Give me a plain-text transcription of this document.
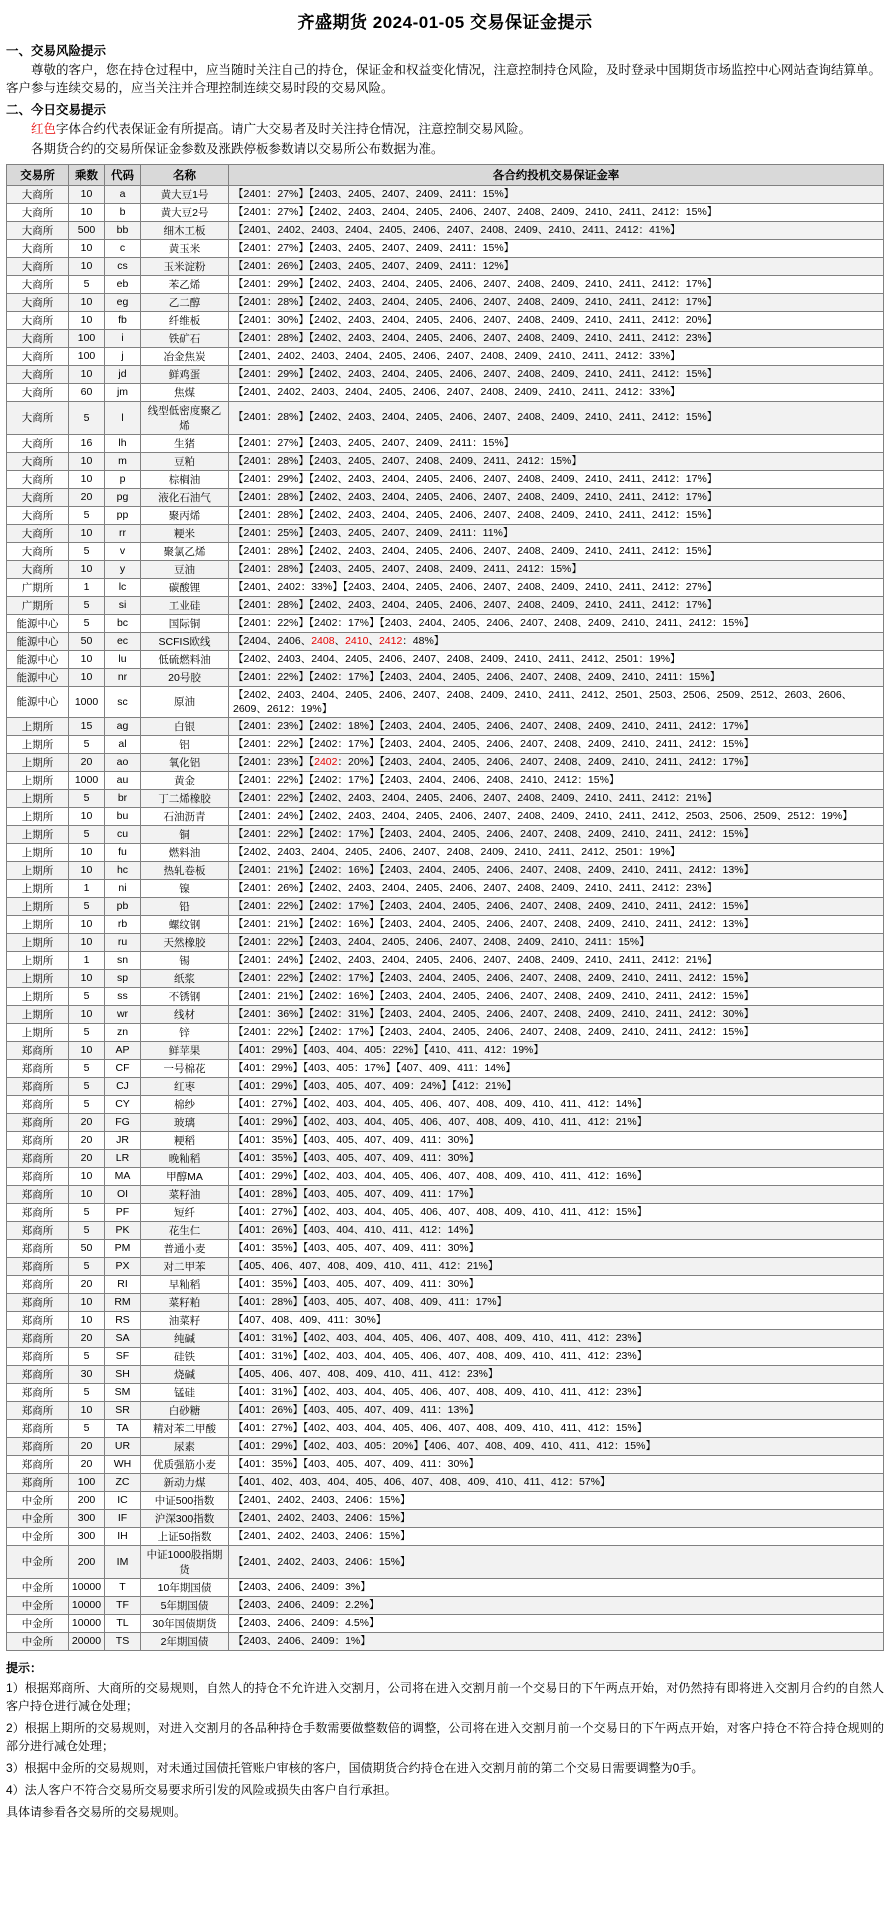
齐盛期货 2024-01-05 交易保证金提示
一、交易风险提示
尊敬的客户，您在持仓过程中，应当随时关注自己的持仓，保证金和权益变化情况，注意控制持仓风险，及时登录中国期货市场监控中心网站查询结算单。客户参与连续交易的，应当关注并合理控制连续交易时段的交易风险。
二、今日交易提示
红色字体合约代表保证金有所提高。请广大交易者及时关注持仓情况，注意控制交易风险。
各期货合约的交易所保证金参数及涨跌停板参数请以交易所公布数据为准。
交易所	乘数	代码	名称	各合约投机交易保证金率
大商所	10	a	黄大豆1号	【2401：27%】【2403、2405、2407、2409、2411：15%】
大商所	10	b	黄大豆2号	【2401：27%】【2402、2403、2404、2405、2406、2407、2408、2409、2410、2411、2412：15%】
大商所	500	bb	细木工板	【2401、2402、2403、2404、2405、2406、2407、2408、2409、2410、2411、2412：41%】
大商所	10	c	黄玉米	【2401：27%】【2403、2405、2407、2409、2411：15%】
大商所	10	cs	玉米淀粉	【2401：26%】【2403、2405、2407、2409、2411：12%】
大商所	5	eb	苯乙烯	【2401：29%】【2402、2403、2404、2405、2406、2407、2408、2409、2410、2411、2412：17%】
大商所	10	eg	乙二醇	【2401：28%】【2402、2403、2404、2405、2406、2407、2408、2409、2410、2411、2412：17%】
大商所	10	fb	纤维板	【2401：30%】【2402、2403、2404、2405、2406、2407、2408、2409、2410、2411、2412：20%】
大商所	100	i	铁矿石	【2401：28%】【2402、2403、2404、2405、2406、2407、2408、2409、2410、2411、2412：23%】
大商所	100	j	冶金焦炭	【2401、2402、2403、2404、2405、2406、2407、2408、2409、2410、2411、2412：33%】
大商所	10	jd	鲜鸡蛋	【2401：29%】【2402、2403、2404、2405、2406、2407、2408、2409、2410、2411、2412：15%】
大商所	60	jm	焦煤	【2401、2402、2403、2404、2405、2406、2407、2408、2409、2410、2411、2412：33%】
大商所	5	l	线型低密度聚乙烯	【2401：28%】【2402、2403、2404、2405、2406、2407、2408、2409、2410、2411、2412：15%】
大商所	16	lh	生猪	【2401：27%】【2403、2405、2407、2409、2411：15%】
大商所	10	m	豆粕	【2401：28%】【2403、2405、2407、2408、2409、2411、2412：15%】
大商所	10	p	棕榈油	【2401：29%】【2402、2403、2404、2405、2406、2407、2408、2409、2410、2411、2412：17%】
大商所	20	pg	液化石油气	【2401：28%】【2402、2403、2404、2405、2406、2407、2408、2409、2410、2411、2412：17%】
大商所	5	pp	聚丙烯	【2401：28%】【2402、2403、2404、2405、2406、2407、2408、2409、2410、2411、2412：15%】
大商所	10	rr	粳米	【2401：25%】【2403、2405、2407、2409、2411：11%】
大商所	5	v	聚氯乙烯	【2401：28%】【2402、2403、2404、2405、2406、2407、2408、2409、2410、2411、2412：15%】
大商所	10	y	豆油	【2401：28%】【2403、2405、2407、2408、2409、2411、2412：15%】
广期所	1	lc	碳酸锂	【2401、2402：33%】【2403、2404、2405、2406、2407、2408、2409、2410、2411、2412：27%】
广期所	5	si	工业硅	【2401：28%】【2402、2403、2404、2405、2406、2407、2408、2409、2410、2411、2412：17%】
能源中心	5	bc	国际铜	【2401：22%】【2402：17%】【2403、2404、2405、2406、2407、2408、2409、2410、2411、2412：15%】
能源中心	50	ec	SCFIS欧线	【2404、2406、2408、2410、2412：48%】
能源中心	10	lu	低硫燃料油	【2402、2403、2404、2405、2406、2407、2408、2409、2410、2411、2412、2501：19%】
能源中心	10	nr	20号胶	【2401：22%】【2402：17%】【2403、2404、2405、2406、2407、2408、2409、2410、2411：15%】
能源中心	1000	sc	原油	【2402、2403、2404、2405、2406、2407、2408、2409、2410、2411、2412、2501、2503、2506、2509、2512、2603、2606、2609、2612：19%】
上期所	15	ag	白银	【2401：23%】【2402：18%】【2403、2404、2405、2406、2407、2408、2409、2410、2411、2412：17%】
上期所	5	al	铝	【2401：22%】【2402：17%】【2403、2404、2405、2406、2407、2408、2409、2410、2411、2412：15%】
上期所	20	ao	氧化铝	【2401：23%】【2402：20%】【2403、2404、2405、2406、2407、2408、2409、2410、2411、2412：17%】
上期所	1000	au	黄金	【2401：22%】【2402：17%】【2403、2404、2406、2408、2410、2412：15%】
上期所	5	br	丁二烯橡胶	【2401：22%】【2402、2403、2404、2405、2406、2407、2408、2409、2410、2411、2412：21%】
上期所	10	bu	石油沥青	【2401：24%】【2402、2403、2404、2405、2406、2407、2408、2409、2410、2411、2412、2503、2506、2509、2512：19%】
上期所	5	cu	铜	【2401：22%】【2402：17%】【2403、2404、2405、2406、2407、2408、2409、2410、2411、2412：15%】
上期所	10	fu	燃料油	【2402、2403、2404、2405、2406、2407、2408、2409、2410、2411、2412、2501：19%】
上期所	10	hc	热轧卷板	【2401：21%】【2402：16%】【2403、2404、2405、2406、2407、2408、2409、2410、2411、2412：13%】
上期所	1	ni	镍	【2401：26%】【2402、2403、2404、2405、2406、2407、2408、2409、2410、2411、2412：23%】
上期所	5	pb	铅	【2401：22%】【2402：17%】【2403、2404、2405、2406、2407、2408、2409、2410、2411、2412：15%】
上期所	10	rb	螺纹钢	【2401：21%】【2402：16%】【2403、2404、2405、2406、2407、2408、2409、2410、2411、2412：13%】
上期所	10	ru	天然橡胶	【2401：22%】【2403、2404、2405、2406、2407、2408、2409、2410、2411：15%】
上期所	1	sn	锡	【2401：24%】【2402、2403、2404、2405、2406、2407、2408、2409、2410、2411、2412：21%】
上期所	10	sp	纸浆	【2401：22%】【2402：17%】【2403、2404、2405、2406、2407、2408、2409、2410、2411、2412：15%】
上期所	5	ss	不锈钢	【2401：21%】【2402：16%】【2403、2404、2405、2406、2407、2408、2409、2410、2411、2412：15%】
上期所	10	wr	线材	【2401：36%】【2402：31%】【2403、2404、2405、2406、2407、2408、2409、2410、2411、2412：30%】
上期所	5	zn	锌	【2401：22%】【2402：17%】【2403、2404、2405、2406、2407、2408、2409、2410、2411、2412：15%】
郑商所	10	AP	鲜苹果	【401：29%】【403、404、405：22%】【410、411、412：19%】
郑商所	5	CF	一号棉花	【401：29%】【403、405：17%】【407、409、411：14%】
郑商所	5	CJ	红枣	【401：29%】【403、405、407、409：24%】【412：21%】
郑商所	5	CY	棉纱	【401：27%】【402、403、404、405、406、407、408、409、410、411、412：14%】
郑商所	20	FG	玻璃	【401：29%】【402、403、404、405、406、407、408、409、410、411、412：21%】
郑商所	20	JR	粳稻	【401：35%】【403、405、407、409、411：30%】
郑商所	20	LR	晚籼稻	【401：35%】【403、405、407、409、411：30%】
郑商所	10	MA	甲醇MA	【401：29%】【402、403、404、405、406、407、408、409、410、411、412：16%】
郑商所	10	OI	菜籽油	【401：28%】【403、405、407、409、411：17%】
郑商所	5	PF	短纤	【401：27%】【402、403、404、405、406、407、408、409、410、411、412：15%】
郑商所	5	PK	花生仁	【401：26%】【403、404、410、411、412：14%】
郑商所	50	PM	普通小麦	【401：35%】【403、405、407、409、411：30%】
郑商所	5	PX	对二甲苯	【405、406、407、408、409、410、411、412：21%】
郑商所	20	RI	早籼稻	【401：35%】【403、405、407、409、411：30%】
郑商所	10	RM	菜籽粕	【401：28%】【403、405、407、408、409、411：17%】
郑商所	10	RS	油菜籽	【407、408、409、411：30%】
郑商所	20	SA	纯碱	【401：31%】【402、403、404、405、406、407、408、409、410、411、412：23%】
郑商所	5	SF	硅铁	【401：31%】【402、403、404、405、406、407、408、409、410、411、412：23%】
郑商所	30	SH	烧碱	【405、406、407、408、409、410、411、412：23%】
郑商所	5	SM	锰硅	【401：31%】【402、403、404、405、406、407、408、409、410、411、412：23%】
郑商所	10	SR	白砂糖	【401：26%】【403、405、407、409、411：13%】
郑商所	5	TA	精对苯二甲酸	【401：27%】【402、403、404、405、406、407、408、409、410、411、412：15%】
郑商所	20	UR	尿素	【401：29%】【402、403、405：20%】【406、407、408、409、410、411、412：15%】
郑商所	20	WH	优质强筋小麦	【401：35%】【403、405、407、409、411：30%】
郑商所	100	ZC	新动力煤	【401、402、403、404、405、406、407、408、409、410、411、412：57%】
中金所	200	IC	中证500指数	【2401、2402、2403、2406：15%】
中金所	300	IF	沪深300指数	【2401、2402、2403、2406：15%】
中金所	300	IH	上证50指数	【2401、2402、2403、2406：15%】
中金所	200	IM	中证1000股指期货	【2401、2402、2403、2406：15%】
中金所	10000	T	10年期国债	【2403、2406、2409：3%】
中金所	10000	TF	5年期国债	【2403、2406、2409：2.2%】
中金所	10000	TL	30年国债期货	【2403、2406、2409：4.5%】
中金所	20000	TS	2年期国债	【2403、2406、2409：1%】
提示：

1）根据郑商所、大商所的交易规则，自然人的持仓不允许进入交割月，公司将在进入交割月前一个交易日的下午两点开始，对仍然持有即将进入交割月合约的自然人客户持仓进行减仓处理；

2）根据上期所的交易规则，对进入交割月的各品种持仓手数需要做整数倍的调整，公司将在进入交割月前一个交易日的下午两点开始，对客户持仓不符合持仓规则的部分进行减仓处理；

3）根据中金所的交易规则，对未通过国债托管账户审核的客户，国债期货合约持仓在进入交割月前的第二个交易日需要调整为0手。

4）法人客户不符合交易所交易要求所引发的风险或损失由客户自行承担。

具体请参看各交易所的交易规则。
